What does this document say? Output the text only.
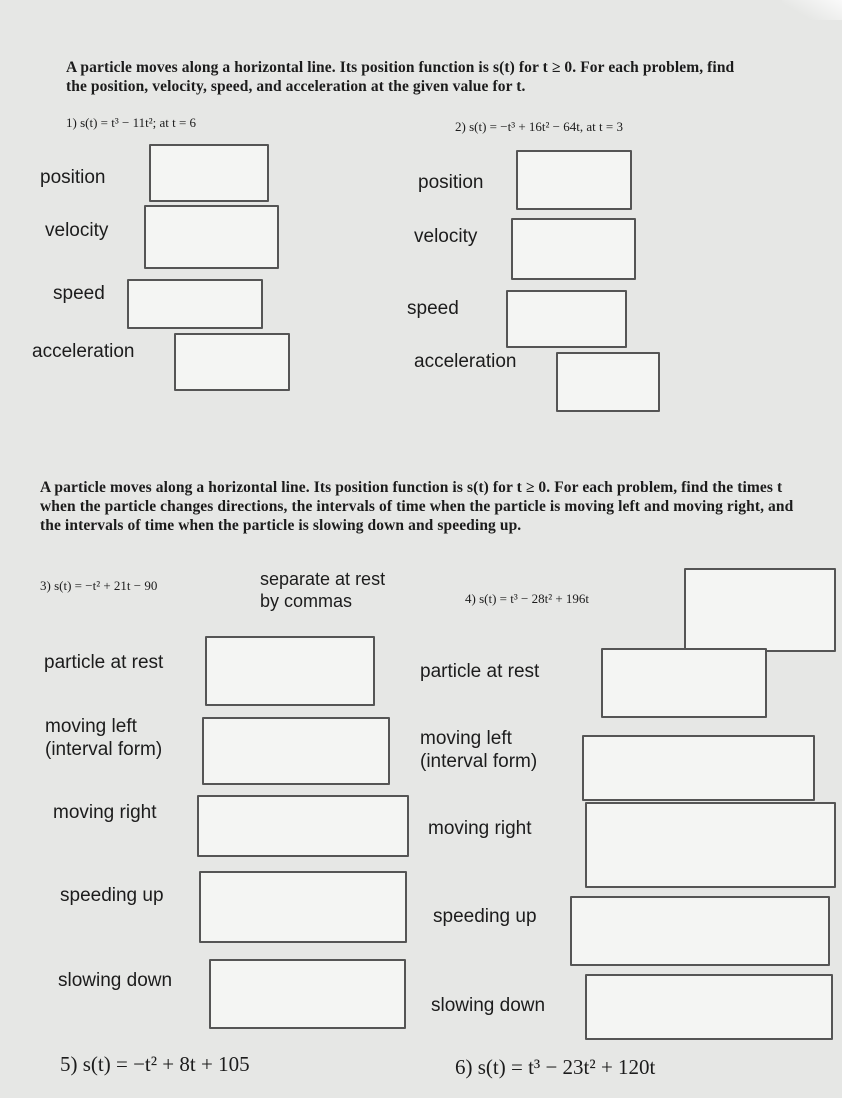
A particle moves along a horizontal line. Its position function is s(t) for t ≥ 0. For each problem, find the position, velocity, speed, and acceleration at the given value for t.
1) s(t) = t³ − 11t²; at t = 6	2) s(t) = −t³ + 16t² − 64t, at t = 3
position
velocity
speed
acceleration
position
velocity
speed
acceleration
A particle moves along a horizontal line. Its position function is s(t) for t ≥ 0. For each problem, find the times t when the particle changes directions, the intervals of time when the particle is moving left and moving right, and the intervals of time when the particle is slowing down and speeding up.
3) s(t) = −t² + 21t − 90	separate at rest
by commas	4) s(t) = t³ − 28t² + 196t
particle at rest
moving left
(interval form)
moving right
speeding up
slowing down
particle at rest
moving left
(interval form)
moving right
speeding up
slowing down
5) s(t) = −t² + 8t + 105	6) s(t) = t³ − 23t² + 120t
